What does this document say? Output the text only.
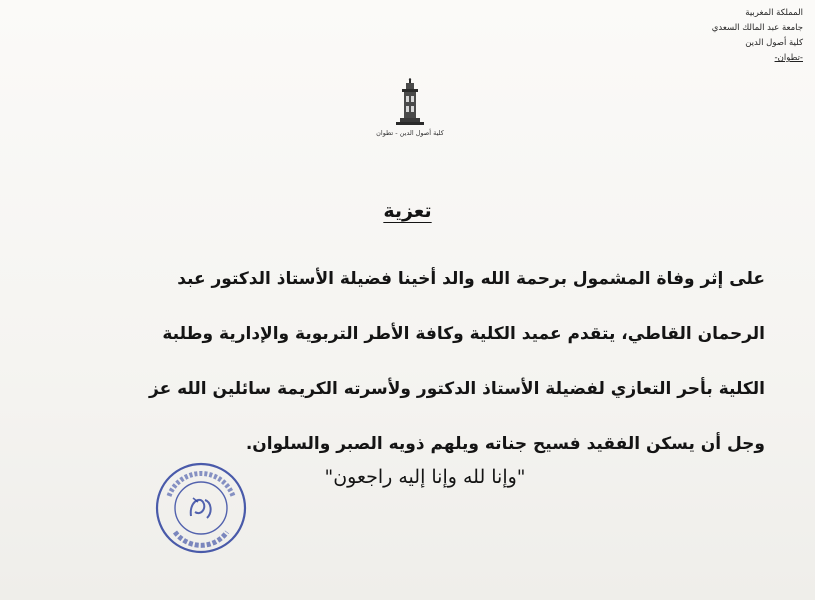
المملكة المغربية
جامعة عبد المالك السعدي
كلية أصول الدين
-تطوان-
كلية أصول الدين - تطوان
تعزية
على إثر وفاة المشمول برحمة الله والد أخينا فضيلة الأستاذ الدكتور عبد
الرحمان القاطي، يتقدم عميد الكلية وكافة الأطر التربوية والإدارية وطلبة
الكلية بأحر التعازي لفضيلة الأستاذ الدكتور ولأسرته الكريمة سائلين الله عز
وجل أن يسكن الفقيد فسيح جناته ويلهم ذويه الصبر والسلوان.
"وإنا لله وإنا إليه راجعون"
